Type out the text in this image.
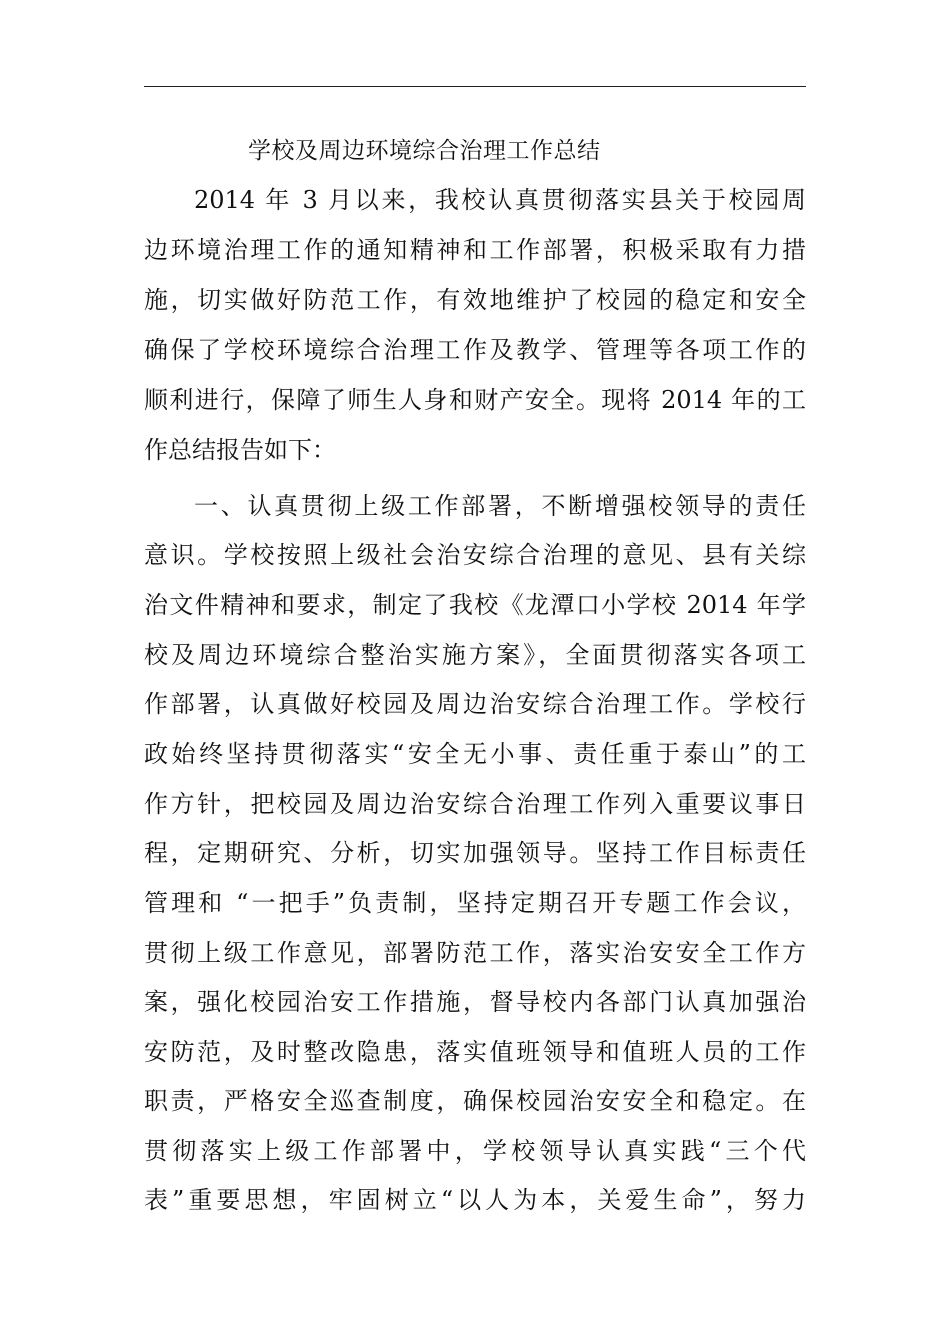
学校及周边环境综合治理工作总结
2014 年 3 月以来，我校认真贯彻落实县关于校园周
边环境治理工作的通知精神和工作部署，积极采取有力措
施，切实做好防范工作，有效地维护了校园的稳定和安全
确保了学校环境综合治理工作及教学、管理等各项工作的
顺利进行，保障了师生人身和财产安全。现将 2014 年的工
作总结报告如下：
一、认真贯彻上级工作部署，不断增强校领导的责任
意识。学校按照上级社会治安综合治理的意见、县有关综
治文件精神和要求，制定了我校《龙潭口小学校 2014 年学
校及周边环境综合整治实施方案》，全面贯彻落实各项工
作部署，认真做好校园及周边治安综合治理工作。学校行
政始终坚持贯彻落实“安全无小事、责任重于泰山”的工
作方针，把校园及周边治安综合治理工作列入重要议事日
程，定期研究、分析，切实加强领导。坚持工作目标责任
管理和 “一把手”负责制，坚持定期召开专题工作会议，
贯彻上级工作意见，部署防范工作，落实治安安全工作方
案，强化校园治安工作措施，督导校内各部门认真加强治
安防范，及时整改隐患，落实值班领导和值班人员的工作
职责，严格安全巡查制度，确保校园治安安全和稳定。在
贯彻落实上级工作部署中，学校领导认真实践“三个代
表”重要思想，牢固树立“以人为本，关爱生命”，努力
